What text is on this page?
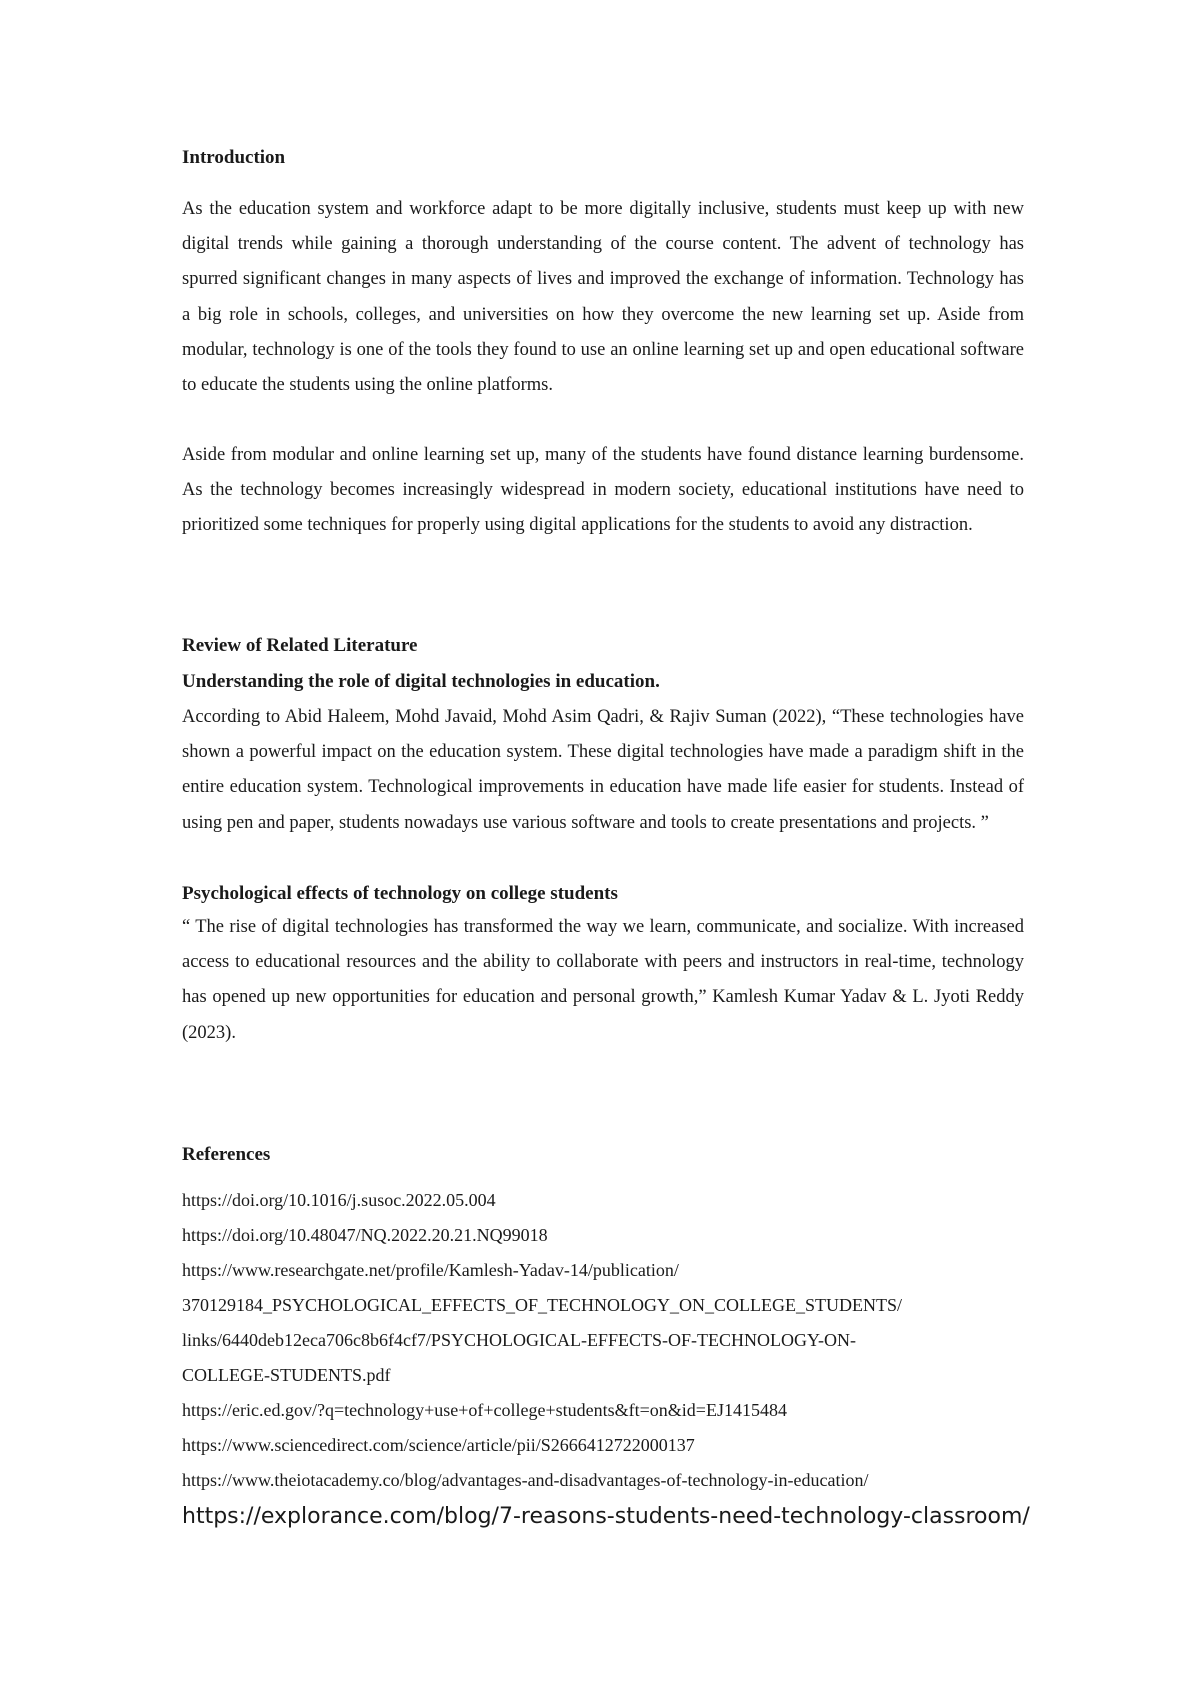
Introduction

As the education system and workforce adapt to be more digitally inclusive, students must keep up with new digital trends while gaining a thorough understanding of the course content. The advent of technology has spurred significant changes in many aspects of lives and improved the exchange of information. Technology has a big role in schools, colleges, and universities on how they overcome the new learning set up. Aside from modular, technology is one of the tools they found to use an online learning set up and open educational software to educate the students using the online platforms.

Aside from modular and online learning set up, many of the students have found distance learning burdensome. As the technology becomes increasingly widespread in modern society, educational institutions have need to prioritized some techniques for properly using digital applications for the students to avoid any distraction.

Review of Related Literature
Understanding the role of digital technologies in education.

According to Abid Haleem, Mohd Javaid, Mohd Asim Qadri, & Rajiv Suman (2022), “These technologies have shown a powerful impact on the education system. These digital technologies have made a paradigm shift in the entire education system. Technological improvements in education have made life easier for students. Instead of using pen and paper, students nowadays use various software and tools to create presentations and projects. ”

Psychological effects of technology on college students

“ The rise of digital technologies has transformed the way we learn, communicate, and socialize. With increased access to educational resources and the ability to collaborate with peers and instructors in real-time, technology has opened up new opportunities for education and personal growth,” Kamlesh Kumar Yadav & L. Jyoti Reddy (2023).

References
https://doi.org/10.1016/j.susoc.2022.05.004
https://doi.org/10.48047/NQ.2022.20.21.NQ99018
https://www.researchgate.net/profile/Kamlesh-Yadav-14/publication/
370129184_PSYCHOLOGICAL_EFFECTS_OF_TECHNOLOGY_ON_COLLEGE_STUDENTS/
links/6440deb12eca706c8b6f4cf7/PSYCHOLOGICAL-EFFECTS-OF-TECHNOLOGY-ON-
COLLEGE-STUDENTS.pdf
https://eric.ed.gov/?q=technology+use+of+college+students&ft=on&id=EJ1415484
https://www.sciencedirect.com/science/article/pii/S2666412722000137
https://www.theiotacademy.co/blog/advantages-and-disadvantages-of-technology-in-education/
https://explorance.com/blog/7-reasons-students-need-technology-classroom/
